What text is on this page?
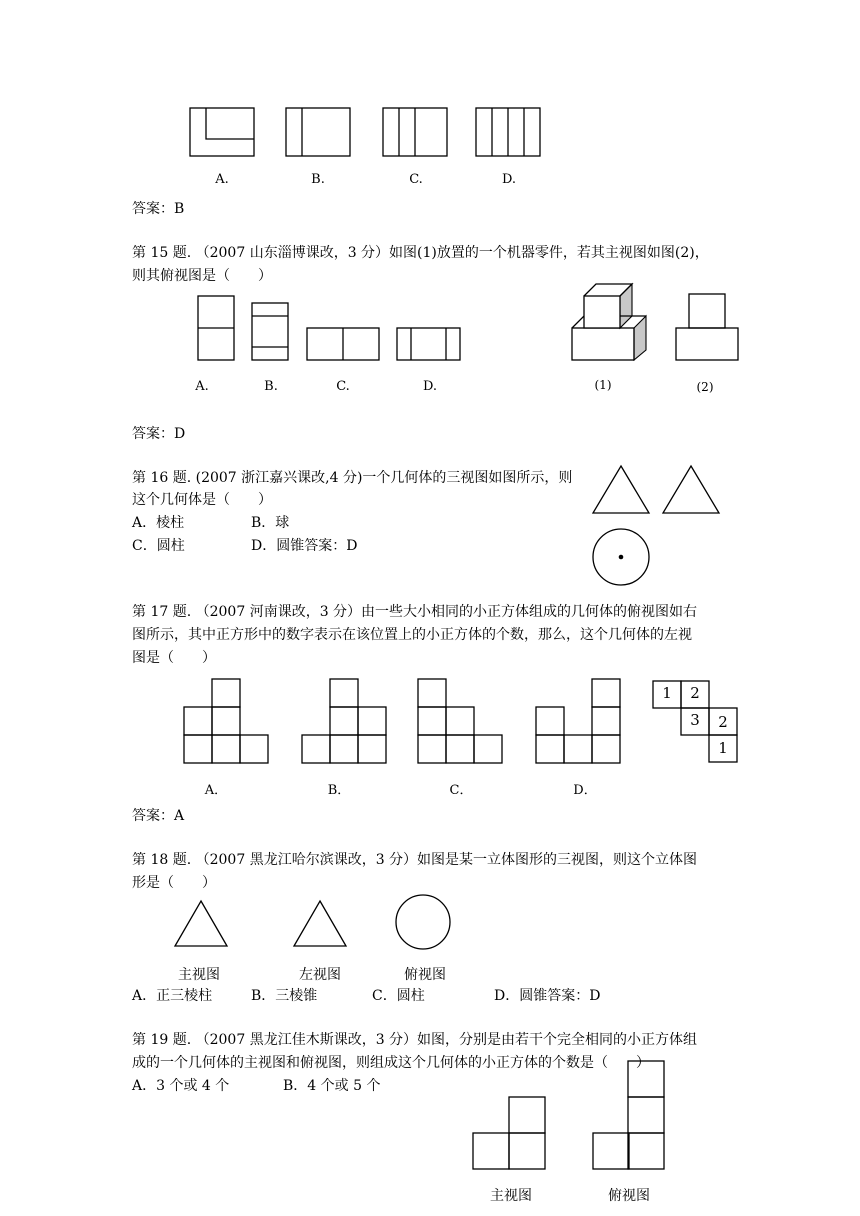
A.	B.	C.	D.
答案：B
第 15 题. （2007 山东淄博课改，3 分）如图(1)放置的一个机器零件，若其主视图如图(2)，
则其俯视图是（　　）
A.	B.	C.	D.	(1)	(2)
答案：D
第 16 题. (2007 浙江嘉兴课改,4 分)一个几何体的三视图如图所示，则
这个几何体是（　　）
A．棱柱	B．球
C．圆柱	D．圆锥答案：D
第 17 题. （2007 河南课改，3 分）由一些大小相同的小正方体组成的几何体的俯视图如右
图所示，其中正方形中的数字表示在该位置上的小正方体的个数，那么，这个几何体的左视
图是（　　）
A．	B．	C．	D．
1	2
3	2
1
答案：A
第 18 题. （2007 黑龙江哈尔滨课改，3 分）如图是某一立体图形的三视图，则这个立体图
形是（　　）
主视图	左视图	俯视图
A．正三棱柱	B．三棱锥	C．圆柱	D．圆锥答案：D
第 19 题. （2007 黑龙江佳木斯课改，3 分）如图，分别是由若干个完全相同的小正方体组
成的一个几何体的主视图和俯视图，则组成这个几何体的小正方体的个数是（　　）
A．3 个或 4 个	B．4 个或 5 个
主视图	俯视图
